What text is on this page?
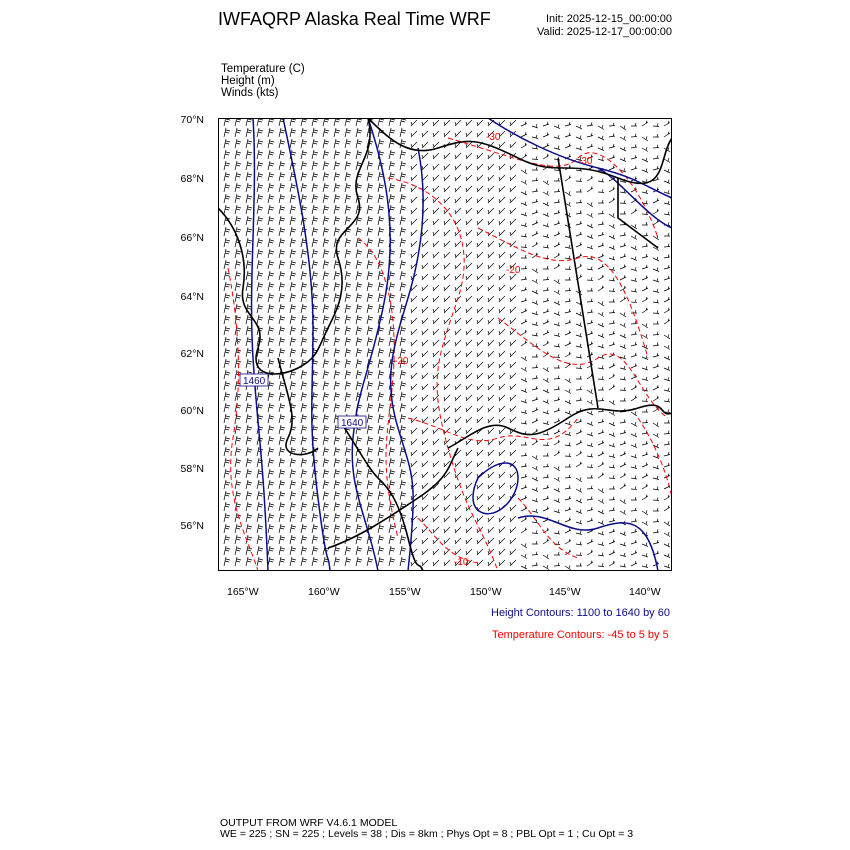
IWFAQRP Alaska Real Time WRF	Init: 2025-12-15_00:00:00
Valid: 2025-12-17_00:00:00
Temperature (C)
Height (m)
Winds (kts)
70°N
68°N
66°N
64°N
62°N
60°N
58°N
56°N
165°W	160°W	155°W	150°W	145°W	140°W
1460
1640
-30
-30
-20
-20
-10
Height Contours: 1100 to 1640 by 60
Temperature Contours: -45 to 5 by 5
OUTPUT FROM WRF V4.6.1 MODEL
WE = 225 ; SN = 225 ; Levels = 38 ; Dis = 8km ; Phys Opt = 8 ; PBL Opt = 1 ; Cu Opt = 3
